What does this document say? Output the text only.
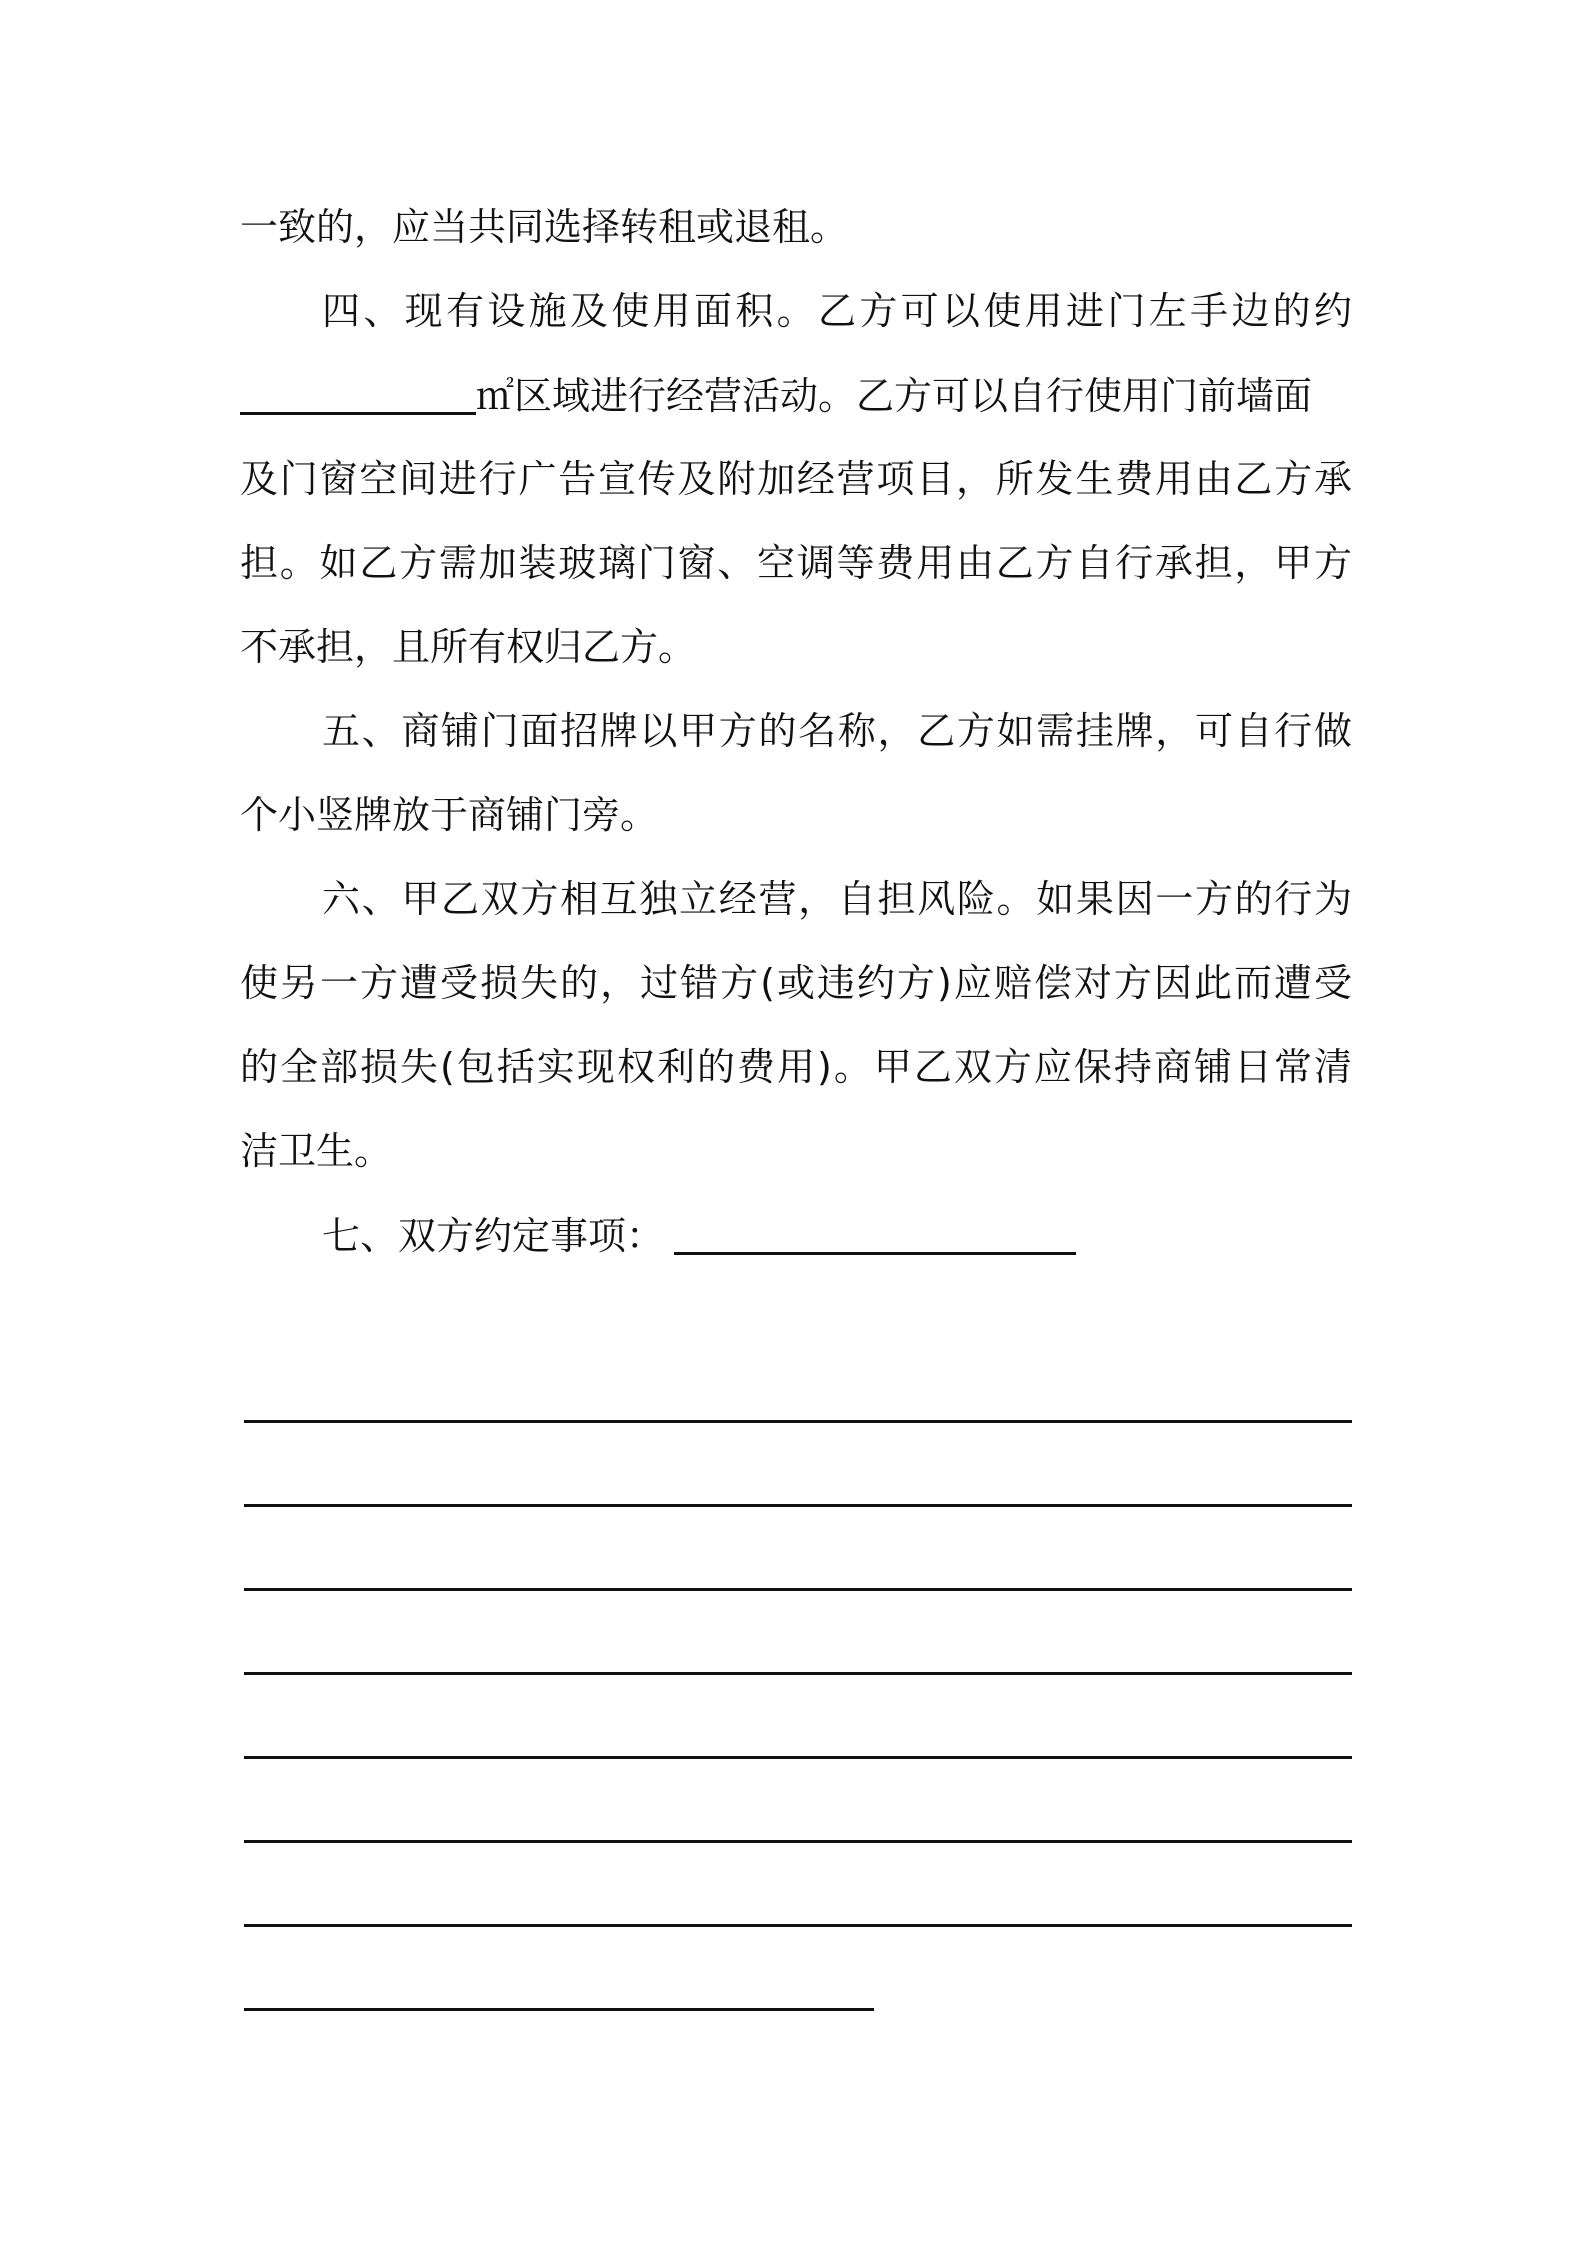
一致的，应当共同选择转租或退租。
四、现有设施及使用面积。乙方可以使用进门左手边的约
㎡区域进行经营活动。乙方可以自行使用门前墙面
及门窗空间进行广告宣传及附加经营项目，所发生费用由乙方承
担。如乙方需加装玻璃门窗、空调等费用由乙方自行承担，甲方
不承担，且所有权归乙方。
五、商铺门面招牌以甲方的名称，乙方如需挂牌，可自行做
个小竖牌放于商铺门旁。
六、甲乙双方相互独立经营，自担风险。如果因一方的行为
使另一方遭受损失的，过错方(或违约方)应赔偿对方因此而遭受
的全部损失(包括实现权利的费用)。甲乙双方应保持商铺日常清
洁卫生。
七、双方约定事项：
